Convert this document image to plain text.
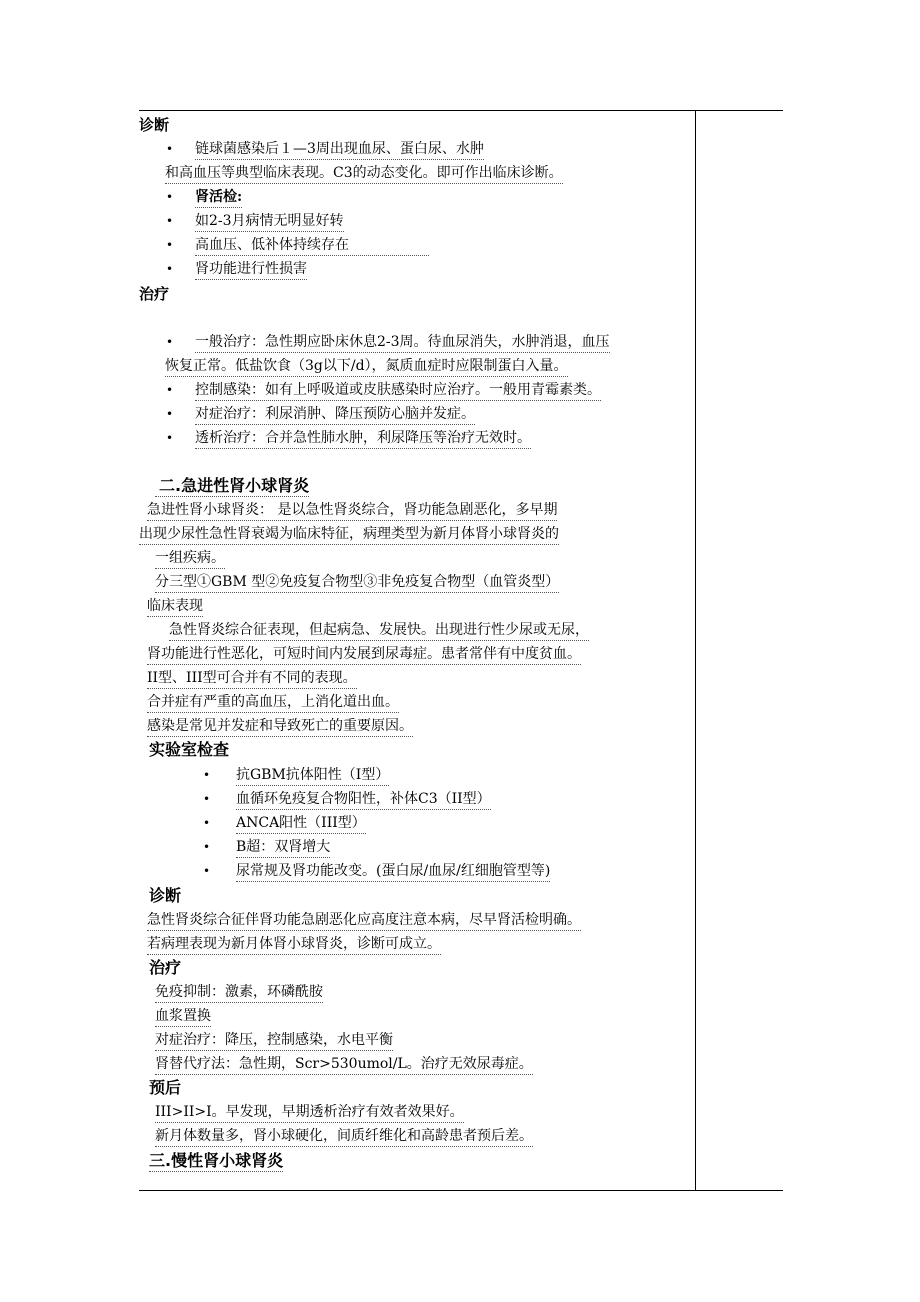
诊断
• 链球菌感染后１—3周出现血尿、蛋白尿、水肿
和高血压等典型临床表现。C3的动态变化。即可作出临床诊断。
• 肾活检:
• 如2-3月病情无明显好转
• 高血压、低补体持续存在
• 肾功能进行性损害
治疗
• 一般治疗：急性期应卧床休息2-3周。待血尿消失，水肿消退，血压
恢复正常。低盐饮食（3g以下/d），氮质血症时应限制蛋白入量。
• 控制感染：如有上呼吸道或皮肤感染时应治疗。一般用青霉素类。
• 对症治疗：利尿消肿、降压预防心脑并发症。
• 透析治疗：合并急性肺水肿，利尿降压等治疗无效时。
二.急进性肾小球肾炎
急进性肾小球肾炎： 是以急性肾炎综合，肾功能急剧恶化，多早期
出现少尿性急性肾衰竭为临床特征，病理类型为新月体肾小球肾炎的
一组疾病。
分三型①GBM 型②免疫复合物型③非免疫复合物型（血管炎型）
临床表现
急性肾炎综合征表现，但起病急、发展快。出现进行性少尿或无尿，
肾功能进行性恶化，可短时间内发展到尿毒症。患者常伴有中度贫血。
II型、III型可合并有不同的表现。
合并症有严重的高血压，上消化道出血。
感染是常见并发症和导致死亡的重要原因。
实验室检查
• 抗GBM抗体阳性（I型）
• 血循环免疫复合物阳性，补体C3（II型）
• ANCA阳性（III型）
• B超：双肾增大
• 尿常规及肾功能改变。(蛋白尿/血尿/红细胞管型等)
诊断
急性肾炎综合征伴肾功能急剧恶化应高度注意本病，尽早肾活检明确。
若病理表现为新月体肾小球肾炎，诊断可成立。
治疗
免疫抑制：激素，环磷酰胺
血浆置换
对症治疗：降压，控制感染，水电平衡
肾替代疗法：急性期，Scr>530umol/L。治疗无效尿毒症。
预后
III>II>I。早发现，早期透析治疗有效者效果好。
新月体数量多，肾小球硬化，间质纤维化和高龄患者预后差。
三.慢性肾小球肾炎
